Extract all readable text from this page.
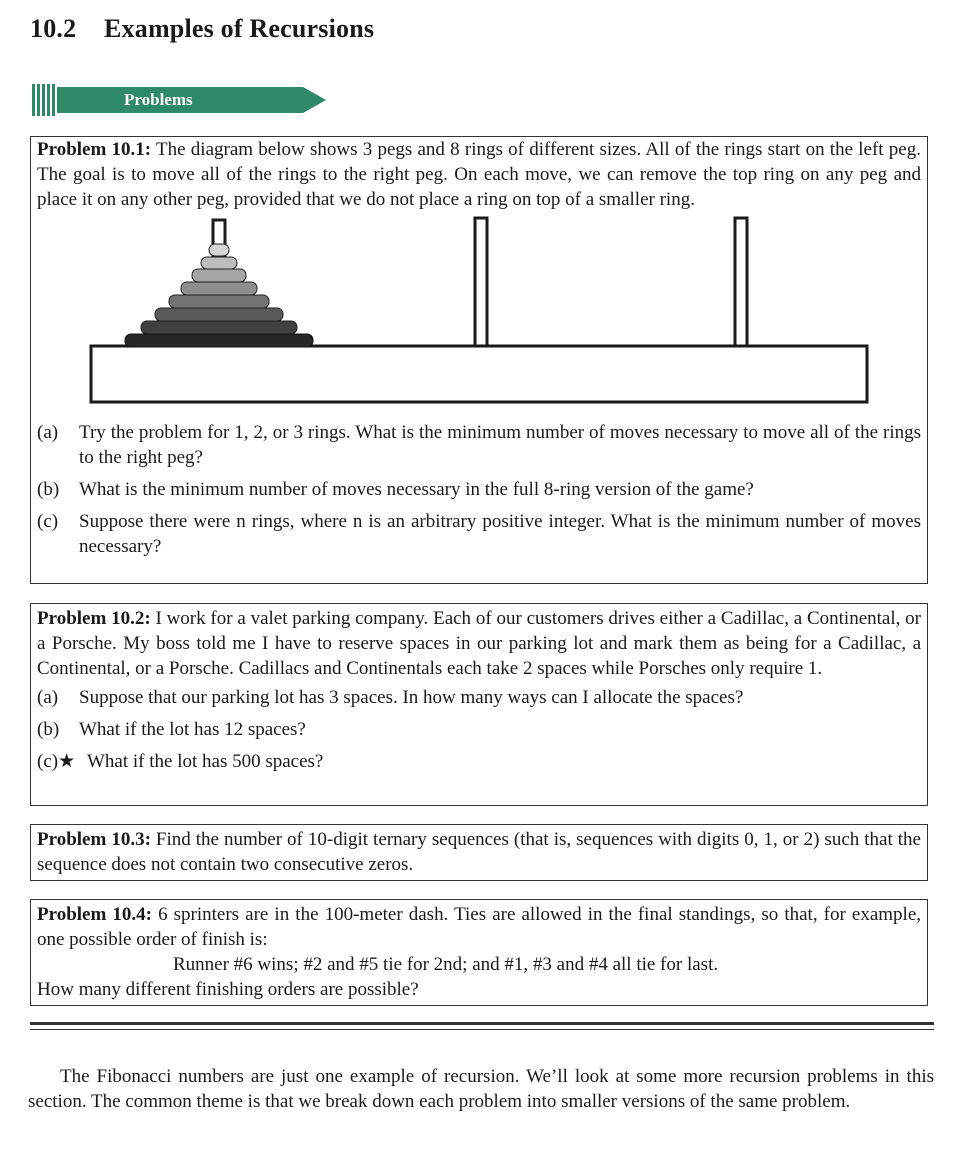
10.2 Examples of Recursions
Problems

Problem 10.1: The diagram below shows 3 pegs and 8 rings of different sizes. All of the rings start on the left peg. The goal is to move all of the rings to the right peg. On each move, we can remove the top ring on any peg and place it on any other peg, provided that we do not place a ring on top of a smaller ring.

(a)	Try the problem for 1, 2, or 3 rings. What is the minimum number of moves necessary to move all of the rings to the right peg?
(b)	What is the minimum number of moves necessary in the full 8-ring version of the game?
(c)	Suppose there were n rings, where n is an arbitrary positive integer. What is the minimum number of moves necessary?

Problem 10.2: I work for a valet parking company. Each of our customers drives either a Cadillac, a Continental, or a Porsche. My boss told me I have to reserve spaces in our parking lot and mark them as being for a Cadillac, a Continental, or a Porsche. Cadillacs and Continentals each take 2 spaces while Porsches only require 1.

(a)	Suppose that our parking lot has 3 spaces. In how many ways can I allocate the spaces?
(b)	What if the lot has 12 spaces?
(c)★ What if the lot has 500 spaces?

Problem 10.3: Find the number of 10-digit ternary sequences (that is, sequences with digits 0, 1, or 2) such that the sequence does not contain two consecutive zeros.

Problem 10.4: 6 sprinters are in the 100-meter dash. Ties are allowed in the final standings, so that, for example, one possible order of finish is:

Runner #6 wins; #2 and #5 tie for 2nd; and #1, #3 and #4 all tie for last.

How many different finishing orders are possible?

The Fibonacci numbers are just one example of recursion. We’ll look at some more recursion problems in this section. The common theme is that we break down each problem into smaller versions of the same problem.
